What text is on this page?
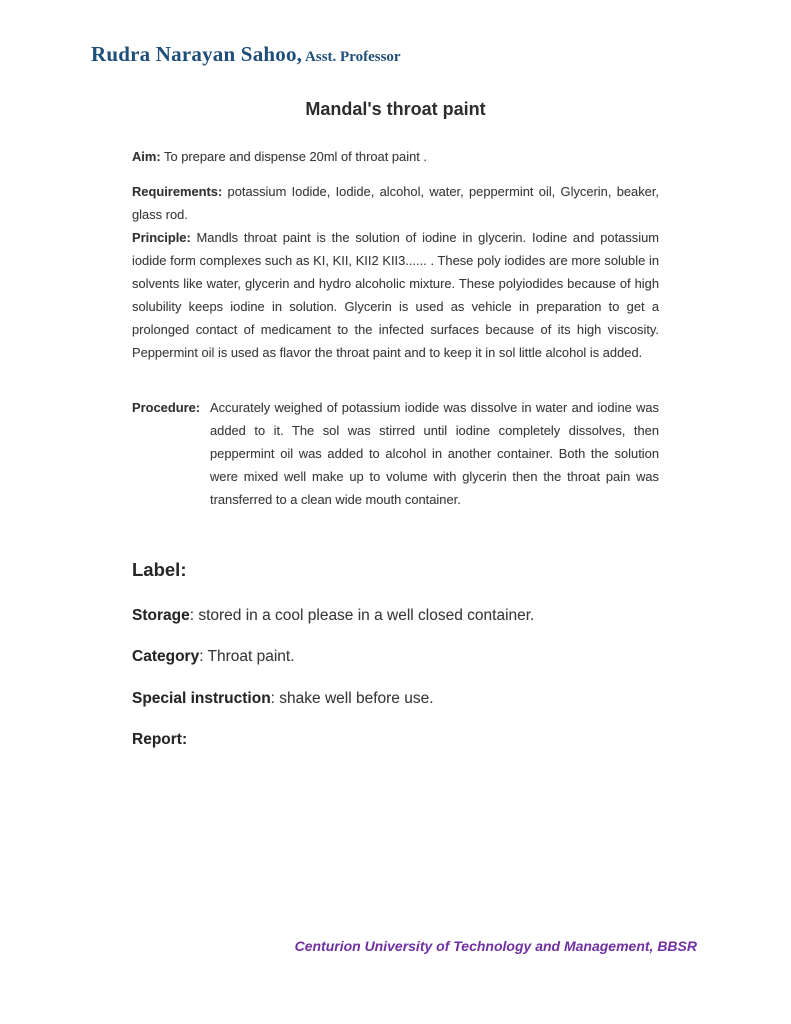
Rudra Narayan Sahoo, Asst. Professor
Mandal's throat paint

Aim: To prepare and dispense 20ml of throat paint .

Requirements: potassium Iodide, Iodide, alcohol, water, peppermint oil, Glycerin, beaker, glass rod.

Principle: Mandls throat paint is the solution of iodine in glycerin. Iodine and potassium iodide form complexes such as KI, KII, KII2 KII3...... . These poly iodides are more soluble in solvents like water, glycerin and hydro alcoholic mixture. These polyiodides because of high solubility keeps iodine in solution. Glycerin is used as vehicle in preparation to get a prolonged contact of medicament to the infected surfaces because of its high viscosity. Peppermint oil is used as flavor the throat paint and to keep it in sol little alcohol is added.

Procedure: Accurately weighed of potassium iodide was dissolve in water and iodine was added to it. The sol was stirred until iodine completely dissolves, then peppermint oil was added to alcohol in another container. Both the solution were mixed well make up to volume with glycerin then the throat pain was transferred to a clean wide mouth container.

Label:

Storage: stored in a cool please in a well closed container.

Category: Throat paint.

Special instruction: shake well before use.

Report:

Centurion University of Technology and Management, BBSR
